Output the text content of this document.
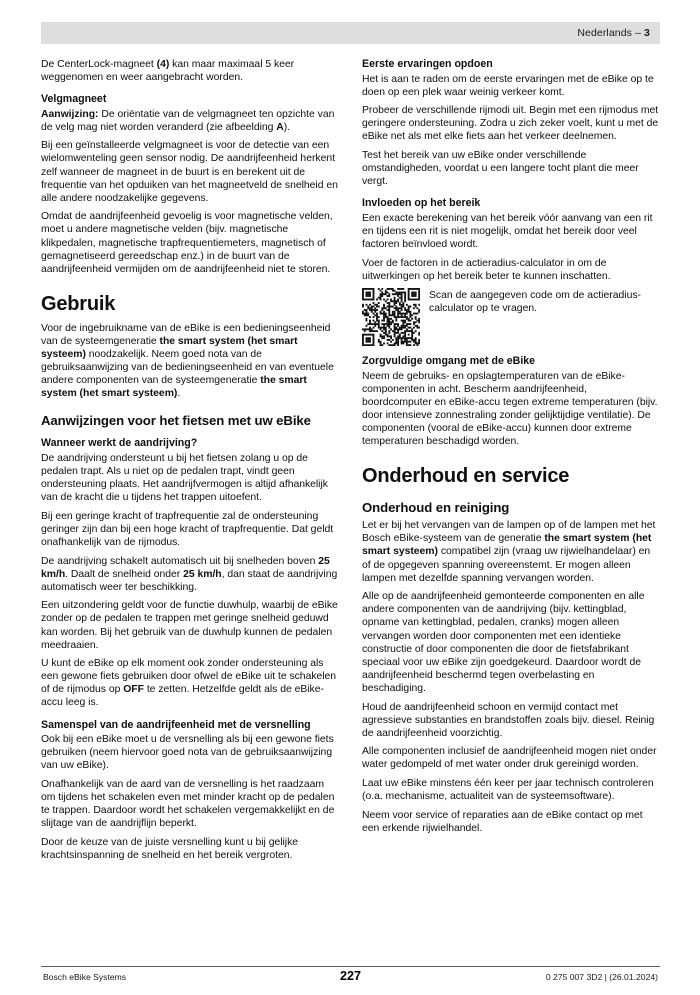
Nederlands – 3

De CenterLock-magneet (4) kan maar maximaal 5 keer weggenomen en weer aangebracht worden.

Velgmagneet

Aanwijzing: De oriëntatie van de velgmagneet ten opzichte van de velg mag niet worden veranderd (zie afbeelding A).

Bij een geïnstalleerde velgmagneet is voor de detectie van een wielomwenteling geen sensor nodig. De aandrijfeenheid herkent zelf wanneer de magneet in de buurt is en berekent uit de frequentie van het opduiken van het magneetveld de snelheid en alle andere noodzakelijke gegevens.

Omdat de aandrijfeenheid gevoelig is voor magnetische velden, moet u andere magnetische velden (bijv. magnetische klikpedalen, magnetische trapfrequentiemeters, magnetisch of gemagnetiseerd gereedschap enz.) in de buurt van de aandrijfeenheid vermijden om de aandrijfeenheid niet te storen.

Gebruik

Voor de ingebruikname van de eBike is een bedieningseenheid van de systeemgeneratie the smart system (het smart systeem) noodzakelijk. Neem goed nota van de gebruiksaanwijzing van de bedieningseenheid en van eventuele andere componenten van de systeemgeneratie the smart system (het smart systeem).

Aanwijzingen voor het fietsen met uw eBike
Wanneer werkt de aandrijving?

De aandrijving ondersteunt u bij het fietsen zolang u op de pedalen trapt. Als u niet op de pedalen trapt, vindt geen ondersteuning plaats. Het aandrijfvermogen is altijd afhankelijk van de kracht die u tijdens het trappen uitoefent.

Bij een geringe kracht of trapfrequentie zal de ondersteuning geringer zijn dan bij een hoge kracht of trapfrequentie. Dat geldt onafhankelijk van de rijmodus.

De aandrijving schakelt automatisch uit bij snelheden boven 25 km/h. Daalt de snelheid onder 25 km/h, dan staat de aandrijving automatisch weer ter beschikking.

Een uitzondering geldt voor de functie duwhulp, waarbij de eBike zonder op de pedalen te trappen met geringe snelheid geduwd kan worden. Bij het gebruik van de duwhulp kunnen de pedalen meedraaien.

U kunt de eBike op elk moment ook zonder ondersteuning als een gewone fiets gebruiken door ofwel de eBike uit te schakelen of de rijmodus op OFF te zetten. Hetzelfde geldt als de eBike-accu leeg is.

Samenspel van de aandrijfeenheid met de versnelling

Ook bij een eBike moet u de versnelling als bij een gewone fiets gebruiken (neem hiervoor goed nota van de gebruiksaanwijzing van uw eBike).

Onafhankelijk van de aard van de versnelling is het raadzaam om tijdens het schakelen even met minder kracht op de pedalen te trappen. Daardoor wordt het schakelen vergemakkelijkt en de slijtage van de aandrijflijn beperkt.

Door de keuze van de juiste versnelling kunt u bij gelijke krachtsinspanning de snelheid en het bereik vergroten.

Eerste ervaringen opdoen

Het is aan te raden om de eerste ervaringen met de eBike op te doen op een plek waar weinig verkeer komt.

Probeer de verschillende rijmodi uit. Begin met een rijmodus met geringere ondersteuning. Zodra u zich zeker voelt, kunt u met de eBike net als met elke fiets aan het verkeer deelnemen.

Test het bereik van uw eBike onder verschillende omstandigheden, voordat u een langere tocht plant die meer vergt.

Invloeden op het bereik

Een exacte berekening van het bereik vóór aanvang van een rit en tijdens een rit is niet mogelijk, omdat het bereik door veel factoren beïnvloed wordt.

Voer de factoren in de actieradius-calculator in om de uitwerkingen op het bereik beter te kunnen inschatten.

Scan de aangegeven code om de actieradius-calculator op te vragen.

Zorgvuldige omgang met de eBike

Neem de gebruiks- en opslagtemperaturen van de eBike-componenten in acht. Bescherm aandrijfeenheid, boordcomputer en eBike-accu tegen extreme temperaturen (bijv. door intensieve zonnestraling zonder gelijktijdige ventilatie). De componenten (vooral de eBike-accu) kunnen door extreme temperaturen beschadigd worden.

Onderhoud en service
Onderhoud en reiniging

Let er bij het vervangen van de lampen op of de lampen met het Bosch eBike-systeem van de generatie the smart system (het smart systeem) compatibel zijn (vraag uw rijwielhandelaar) en of de opgegeven spanning overeenstemt. Er mogen alleen lampen met dezelfde spanning vervangen worden.

Alle op de aandrijfeenheid gemonteerde componenten en alle andere componenten van de aandrijving (bijv. kettingblad, opname van kettingblad, pedalen, cranks) mogen alleen vervangen worden door componenten met een identieke constructie of door componenten die door de fietsfabrikant speciaal voor uw eBike zijn goedgekeurd. Daardoor wordt de aandrijfeenheid beschermd tegen overbelasting en beschadiging.

Houd de aandrijfeenheid schoon en vermijd contact met agressieve substanties en brandstoffen zoals bijv. diesel. Reinig de aandrijfeenheid voorzichtig.

Alle componenten inclusief de aandrijfeenheid mogen niet onder water gedompeld of met water onder druk gereinigd worden.

Laat uw eBike minstens één keer per jaar technisch controleren (o.a. mechanisme, actualiteit van de systeemsoftware).

Neem voor service of reparaties aan de eBike contact op met een erkende rijwielhandel.

Bosch eBike Systems	227	0 275 007 3D2 | (26.01.2024)
